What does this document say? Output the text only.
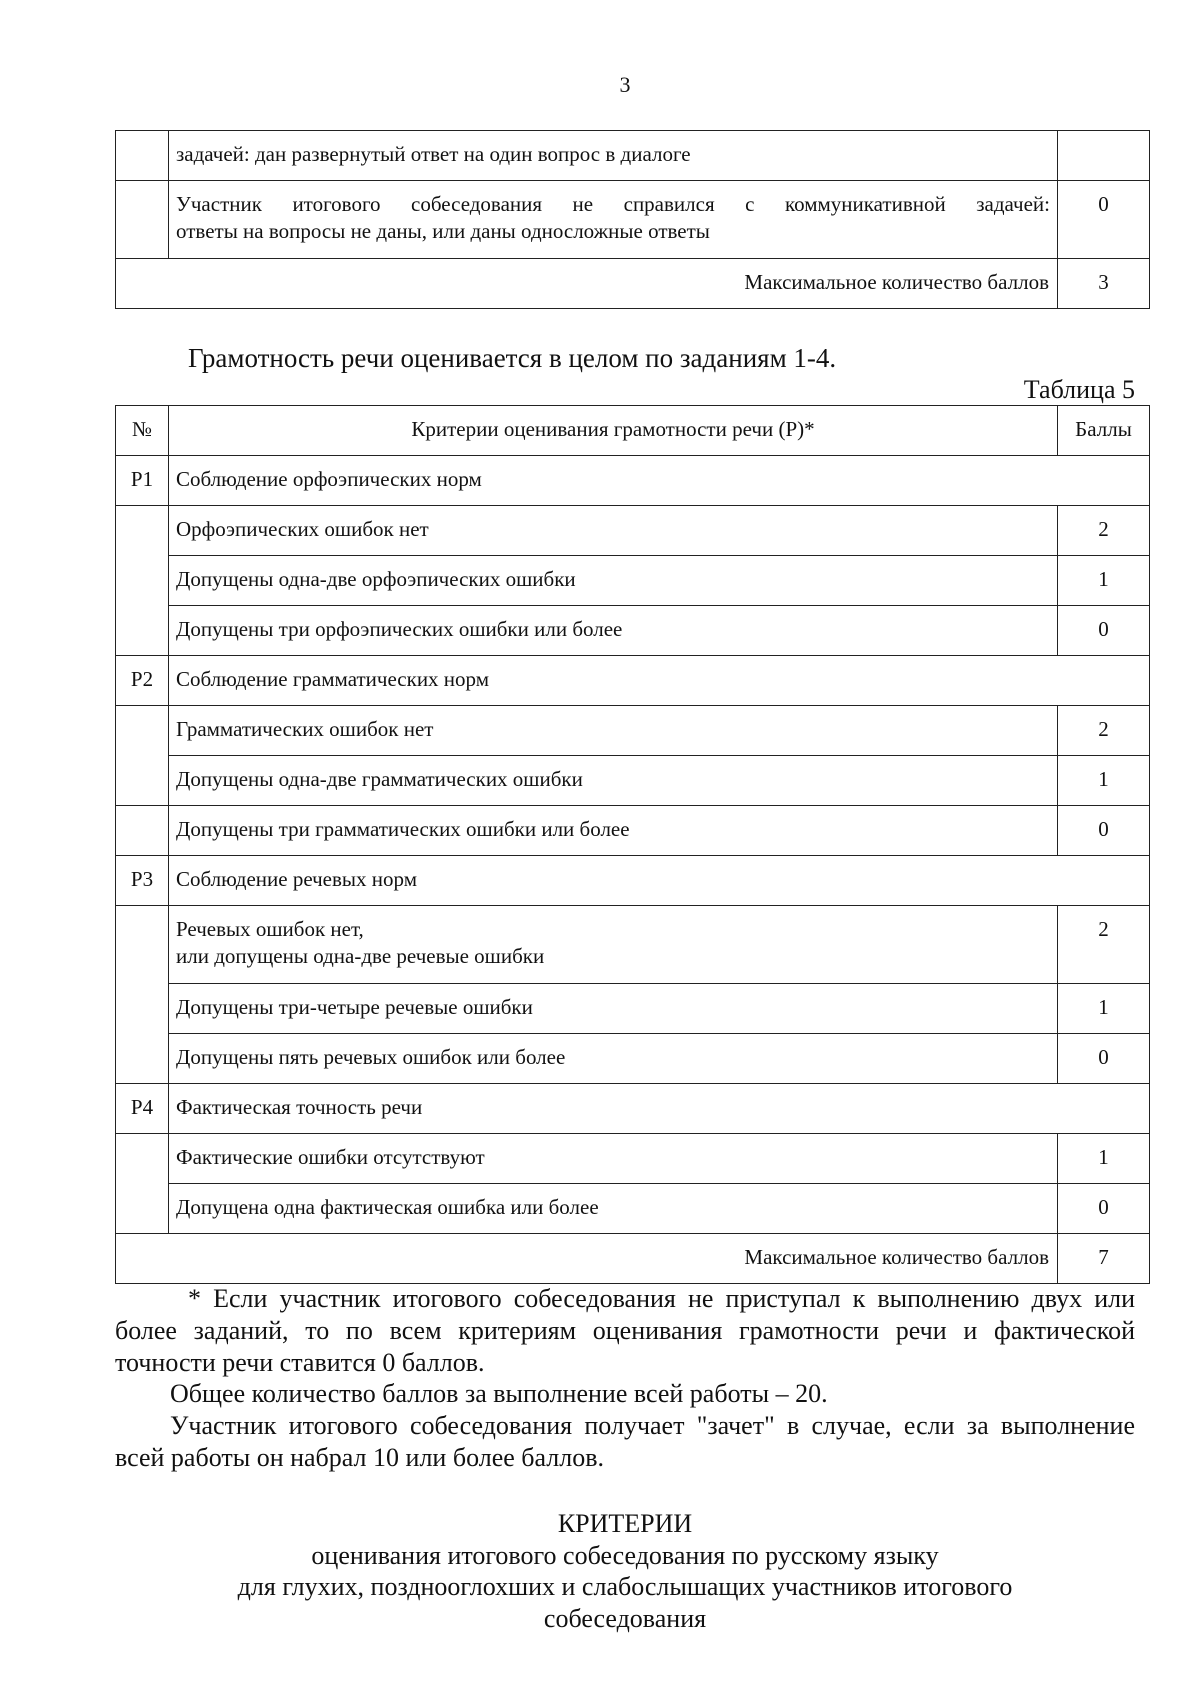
3
	задачей: дан развернутый ответ на один вопрос в диалоге	

	Участник итогового собеседования не справился с коммуникативной задачей:
ответы на вопросы не даны, или даны односложные ответы	0
Максимальное количество баллов		3

Грамотность речи оценивается в целом по заданиям 1-4.

Таблица 5

№	Критерии оценивания грамотности речи (Р)*	Баллы
Р1	Соблюдение орфоэпических норм	
	Орфоэпических ошибок нет	2
	Допущены одна-две орфоэпических ошибки	1
	Допущены три орфоэпических ошибки или более	0
Р2	Соблюдение грамматических норм	
	Грамматических ошибок нет	2
	Допущены одна-две грамматических ошибки	1
	Допущены три грамматических ошибки или более	0
Р3	Соблюдение речевых норм	

	Речевых ошибок нет,
или допущены одна-две речевые ошибки	2
	Допущены три-четыре речевые ошибки	1
	Допущены пять речевых ошибок или более	0
Р4	Фактическая точность речи	
	Фактические ошибки отсутствуют	1
	Допущена одна фактическая ошибка или более	0
Максимальное количество баллов		7

* Если участник итогового собеседования не приступал к выполнению двух или более заданий, то по всем критериям оценивания грамотности речи и фактической точности речи ставится 0 баллов.

Общее количество баллов за выполнение всей работы – 20.

Участник итогового собеседования получает "зачет" в случае, если за выполнение всей работы он набрал 10 или более баллов.

КРИТЕРИИ

оценивания итогового собеседования по русскому языку

для глухих, позднооглохших и слабослышащих участников итогового

собеседования
